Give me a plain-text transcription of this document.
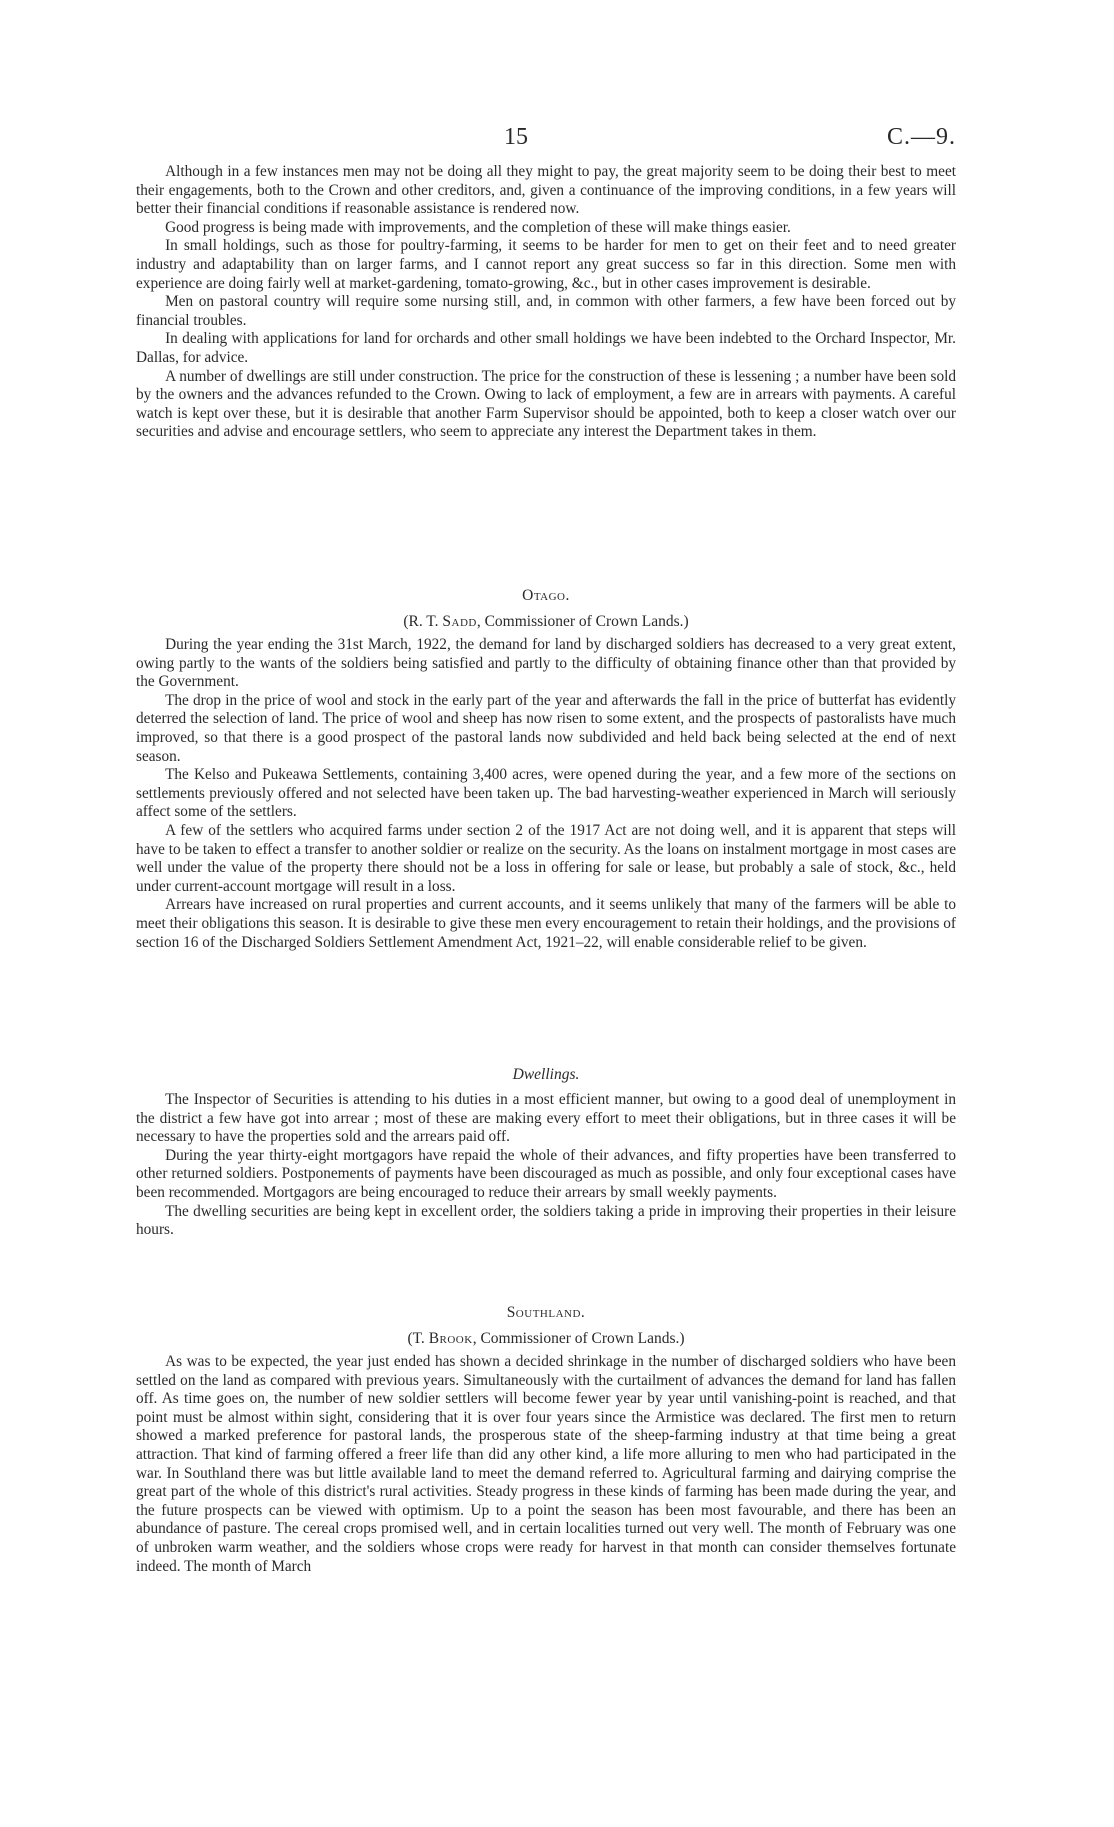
15	C.—9.

Although in a few instances men may not be doing all they might to pay, the great majority seem to be doing their best to meet their engagements, both to the Crown and other creditors, and, given a continuance of the improving conditions, in a few years will better their financial conditions if reasonable assistance is rendered now.

Good progress is being made with improvements, and the completion of these will make things easier.

In small holdings, such as those for poultry-farming, it seems to be harder for men to get on their feet and to need greater industry and adaptability than on larger farms, and I cannot report any great success so far in this direction. Some men with experience are doing fairly well at market-gardening, tomato-growing, &c., but in other cases improvement is desirable.

Men on pastoral country will require some nursing still, and, in common with other farmers, a few have been forced out by financial troubles.

In dealing with applications for land for orchards and other small holdings we have been indebted to the Orchard Inspector, Mr. Dallas, for advice.

A number of dwellings are still under construction. The price for the construction of these is lessening ; a number have been sold by the owners and the advances refunded to the Crown. Owing to lack of employment, a few are in arrears with payments. A careful watch is kept over these, but it is desirable that another Farm Supervisor should be appointed, both to keep a closer watch over our securities and advise and encourage settlers, who seem to appreciate any interest the Department takes in them.

Otago.

(R. T. Sadd, Commissioner of Crown Lands.)

During the year ending the 31st March, 1922, the demand for land by discharged soldiers has decreased to a very great extent, owing partly to the wants of the soldiers being satisfied and partly to the difficulty of obtaining finance other than that provided by the Government.

The drop in the price of wool and stock in the early part of the year and afterwards the fall in the price of butterfat has evidently deterred the selection of land. The price of wool and sheep has now risen to some extent, and the prospects of pastoralists have much improved, so that there is a good prospect of the pastoral lands now subdivided and held back being selected at the end of next season.

The Kelso and Pukeawa Settlements, containing 3,400 acres, were opened during the year, and a few more of the sections on settlements previously offered and not selected have been taken up. The bad harvesting-weather experienced in March will seriously affect some of the settlers.

A few of the settlers who acquired farms under section 2 of the 1917 Act are not doing well, and it is apparent that steps will have to be taken to effect a transfer to another soldier or realize on the security. As the loans on instalment mortgage in most cases are well under the value of the property there should not be a loss in offering for sale or lease, but probably a sale of stock, &c., held under current-account mortgage will result in a loss.

Arrears have increased on rural properties and current accounts, and it seems unlikely that many of the farmers will be able to meet their obligations this season. It is desirable to give these men every encouragement to retain their holdings, and the provisions of section 16 of the Discharged Soldiers Settlement Amendment Act, 1921–22, will enable considerable relief to be given.

Dwellings.

The Inspector of Securities is attending to his duties in a most efficient manner, but owing to a good deal of unemployment in the district a few have got into arrear ; most of these are making every effort to meet their obligations, but in three cases it will be necessary to have the properties sold and the arrears paid off.

During the year thirty-eight mortgagors have repaid the whole of their advances, and fifty properties have been transferred to other returned soldiers. Postponements of payments have been discouraged as much as possible, and only four exceptional cases have been recommended. Mortgagors are being encouraged to reduce their arrears by small weekly payments.

The dwelling securities are being kept in excellent order, the soldiers taking a pride in improving their properties in their leisure hours.

Southland.

(T. Brook, Commissioner of Crown Lands.)

As was to be expected, the year just ended has shown a decided shrinkage in the number of discharged soldiers who have been settled on the land as compared with previous years. Simultaneously with the curtailment of advances the demand for land has fallen off. As time goes on, the number of new soldier settlers will become fewer year by year until vanishing-point is reached, and that point must be almost within sight, considering that it is over four years since the Armistice was declared. The first men to return showed a marked preference for pastoral lands, the prosperous state of the sheep-farming industry at that time being a great attraction. That kind of farming offered a freer life than did any other kind, a life more alluring to men who had participated in the war. In Southland there was but little available land to meet the demand referred to. Agricultural farming and dairying comprise the great part of the whole of this district's rural activities. Steady progress in these kinds of farming has been made during the year, and the future prospects can be viewed with optimism. Up to a point the season has been most favourable, and there has been an abundance of pasture. The cereal crops promised well, and in certain localities turned out very well. The month of February was one of unbroken warm weather, and the soldiers whose crops were ready for harvest in that month can consider themselves fortunate indeed. The month of March
